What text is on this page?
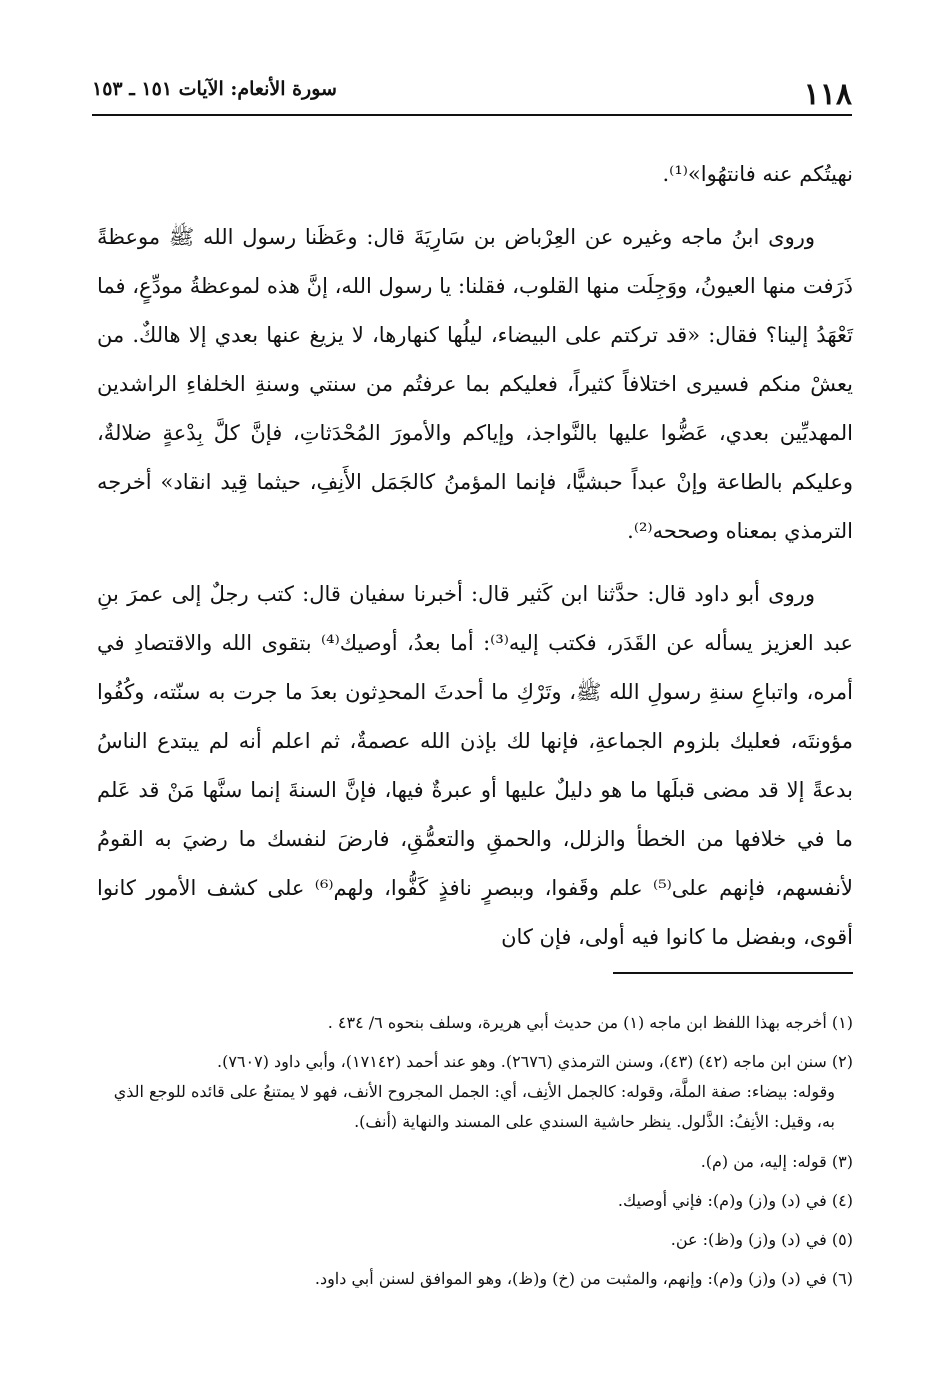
١١٨
سورة الأنعام: الآيات ١٥١ ـ ١٥٣

نهيتُكم عنه فانتهُوا»⁽¹⁾.

وروى ابنُ ماجه وغيره عن العِرْباض بن سَارِيَةَ قال: وعَظَنا رسول الله ﷺ موعظةً ذَرَفت منها العيونُ، ووَجِلَت منها القلوب، فقلنا: يا رسول الله، إنَّ هذه لموعظةُ مودِّعٍ، فما تَعْهَدُ إلينا؟ فقال: «قد تركتم على البيضاء، ليلُها كنهارها، لا يزيغ عنها بعدي إلا هالكٌ. من يعشْ منكم فسيرى اختلافاً كثيراً، فعليكم بما عرفتُم من سنتي وسنةِ الخلفاءِ الراشدين المهديِّين بعدي، عَضُّوا عليها بالنَّواجذ، وإياكم والأمورَ المُحْدَثاتِ، فإنَّ كلَّ بِدْعةٍ ضلالةٌ، وعليكم بالطاعة وإنْ عبداً حبشيًّا، فإنما المؤمنُ كالجَمَل الأَنِفِ، حيثما قِيد انقاد» أخرجه الترمذي بمعناه وصححه⁽²⁾.

وروى أبو داود قال: حدَّثنا ابن كَثير قال: أخبرنا سفيان قال: كتب رجلٌ إلى عمرَ بنِ عبد العزيز يسأله عن القَدَر، فكتب إليه⁽³⁾: أما بعدُ، أوصيك⁽⁴⁾ بتقوى الله والاقتصادِ في أمره، واتباعِ سنةِ رسولِ الله ﷺ، وتَرْكِ ما أحدثَ المحدِثون بعدَ ما جرت به سنّته، وكُفُوا مؤونتَه، فعليك بلزوم الجماعةِ، فإنها لك بإذن الله عصمةٌ، ثم اعلم أنه لم يبتدع الناسُ بدعةً إلا قد مضى قبلَها ما هو دليلٌ عليها أو عبرةٌ فيها، فإنَّ السنةَ إنما سنَّها مَنْ قد عَلم ما في خلافها من الخطأ والزلل، والحمقِ والتعمُّقِ، فارضَ لنفسك ما رضيَ به القومُ لأنفسهم، فإنهم على⁽⁵⁾ علم وقَفوا، وببصرٍ نافذٍ كَفُّوا، ولهم⁽⁶⁾ على كشف الأمور كانوا أقوى، وبفضل ما كانوا فيه أولى، فإن كان

(١) أخرجه بهذا اللفظ ابن ماجه (١) من حديث أبي هريرة، وسلف بنحوه ٦/ ٤٣٤ .
(٢) سنن ابن ماجه (٤٢) (٤٣)، وسنن الترمذي (٢٦٧٦). وهو عند أحمد (١٧١٤٢)، وأبي داود (٧٦٠٧).
وقوله: بيضاء: صفة الملَّة، وقوله: كالجمل الأنِف، أي: الجمل المجروح الأنف، فهو لا يمتنعُ على قائده للوجع الذي به، وقيل: الأنِفُ: الذَّلول. ينظر حاشية السندي على المسند والنهاية (أنف).
(٣) قوله: إليه، من (م).
(٤) في (د) و(ز) و(م): فإني أوصيك.
(٥) في (د) و(ز) و(ظ): عن.
(٦) في (د) و(ز) و(م): وإنهم، والمثبت من (خ) و(ظ)، وهو الموافق لسنن أبي داود.
